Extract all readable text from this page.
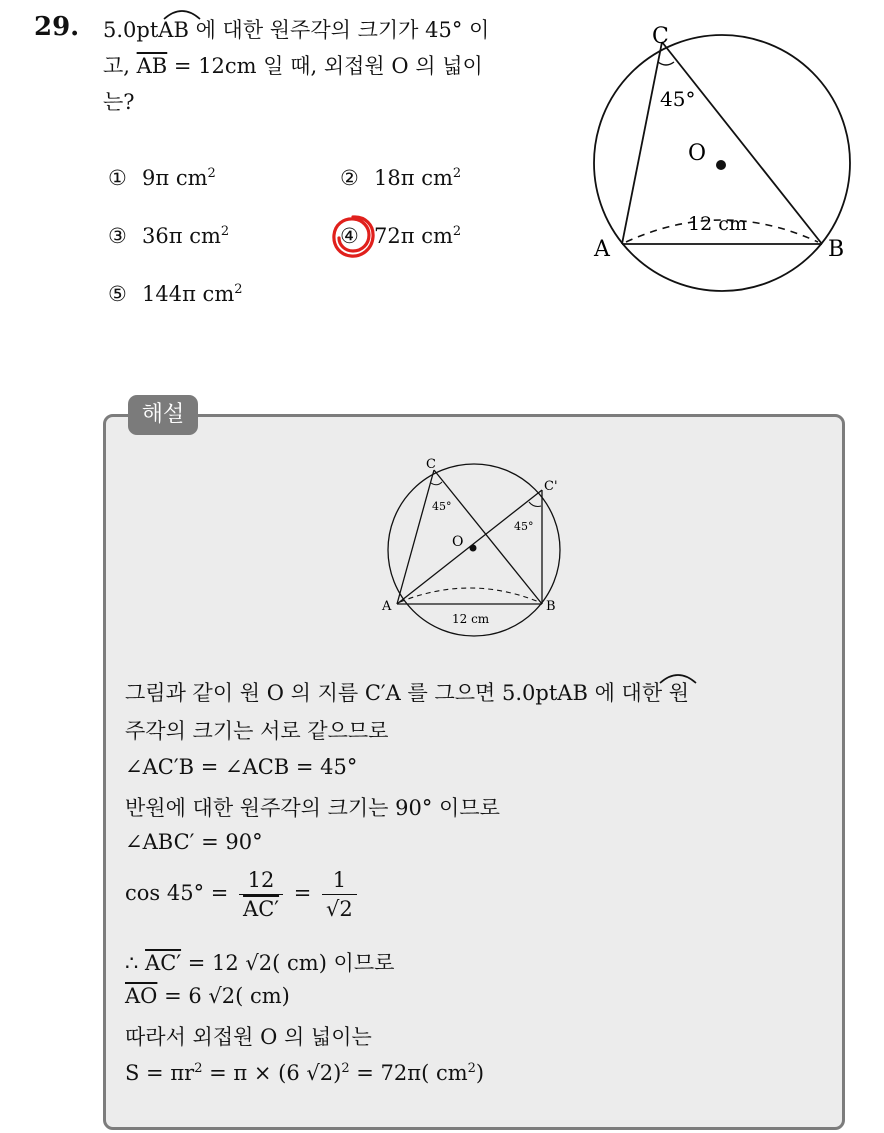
29. 5.0ptAB 에 대한 원주각의 크기가 45° 이
고, $\overline{AB} = 12cm$ 일 때, 외접원 O 의 넓이
는?
① 9π $cm^2$	② 18π $cm^2$
③ 36π $cm^2$	④ 72π $cm^2$
⑤ 144π $cm^2$
C
A	B
O
45°
12 cm
해설
C
C'
A	B
O
45°
45°
12 cm
그림과 같이 원 O 의 지름 C′A 를 그으면 5.0ptAB 에 대한 원
주각의 크기는 서로 같으므로
∠AC′B = ∠ACB = 45°
반원에 대한 원주각의 크기는 90° 이므로
∠ABC′ = 90°
$\cos 45^\circ = \frac{12}{AC'} = \frac{1}{√2}$
∴ AC′ = 12 √2( cm) 이므로
$\overline{AO} = 6$ √2( cm)
따라서 외접원 O 의 넓이는
$S = \pi r^2 = \pi \times (6$ √2)$^2$ = 72π( $cm^2$)
